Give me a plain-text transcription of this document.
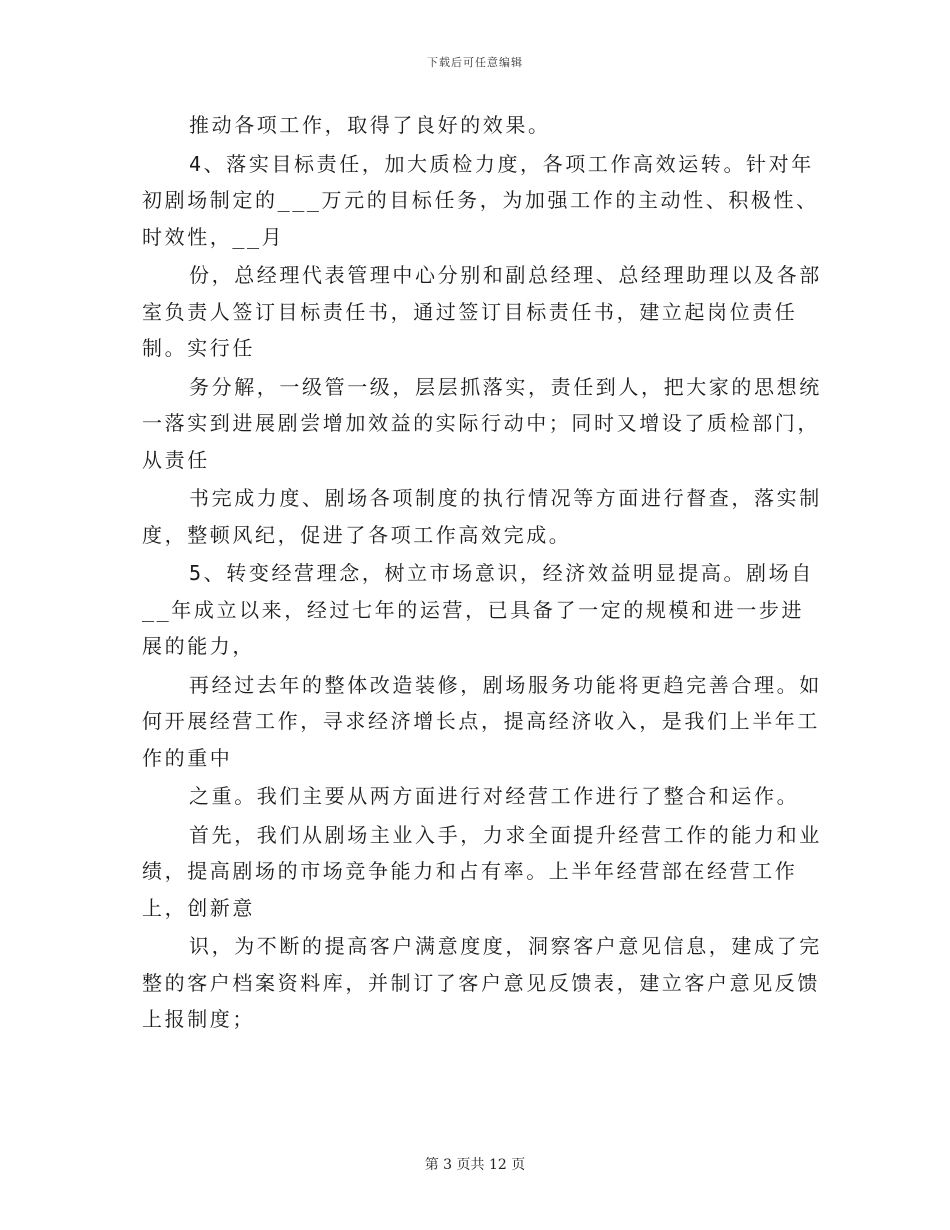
下载后可任意编辑

推动各项工作，取得了良好的效果。

4、落实目标责任，加大质检力度，各项工作高效运转。针对年初剧场制定的___万元的目标任务，为加强工作的主动性、积极性、时效性，__月

份，总经理代表管理中心分别和副总经理、总经理助理以及各部室负责人签订目标责任书，通过签订目标责任书，建立起岗位责任制。实行任

务分解，一级管一级，层层抓落实，责任到人，把大家的思想统一落实到进展剧尝增加效益的实际行动中；同时又增设了质检部门，从责任

书完成力度、剧场各项制度的执行情况等方面进行督查，落实制度，整顿风纪，促进了各项工作高效完成。

5、转变经营理念，树立市场意识，经济效益明显提高。剧场自__年成立以来，经过七年的运营，已具备了一定的规模和进一步进展的能力，

再经过去年的整体改造装修，剧场服务功能将更趋完善合理。如何开展经营工作，寻求经济增长点，提高经济收入，是我们上半年工作的重中

之重。我们主要从两方面进行对经营工作进行了整合和运作。

首先，我们从剧场主业入手，力求全面提升经营工作的能力和业绩，提高剧场的市场竞争能力和占有率。上半年经营部在经营工作上，创新意

识，为不断的提高客户满意度度，洞察客户意见信息，建成了完整的客户档案资料库，并制订了客户意见反馈表，建立客户意见反馈上报制度；

第 3 页共 12 页
